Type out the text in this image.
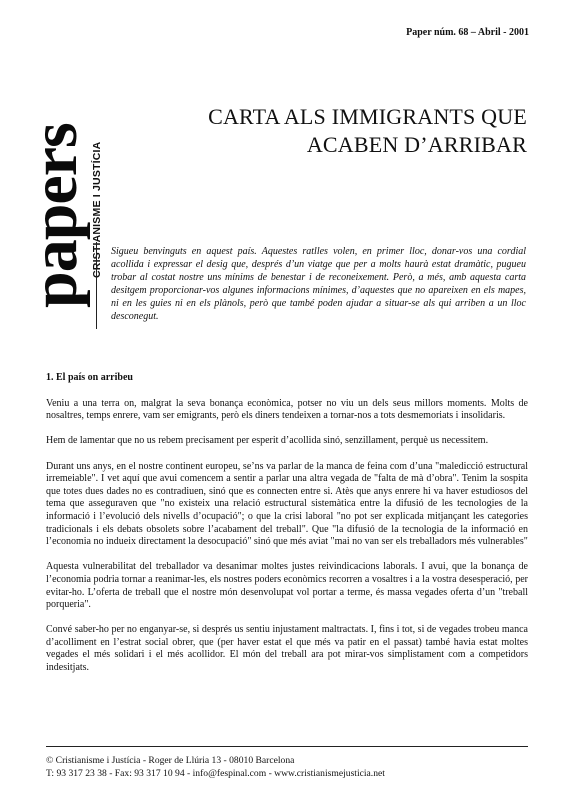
Paper núm. 68 – Abril - 2001
papers CRISTIANISME I JUSTÍCIA
CARTA ALS IMMIGRANTS QUE
ACABEN D’ARRIBAR

Sigueu benvinguts en aquest país. Aquestes ratlles volen, en primer lloc, donar-vos una cordial acollida i expressar el desig que, després d’un viatge que per a molts haurà estat dramàtic, pugueu trobar al costat nostre uns mínims de benestar i de reconeixement. Però, a més, amb aquesta carta desitgem proporcionar-vos algunes informacions mínimes, d’aquestes que no apareixen en els mapes, ni en les guies ni en els plànols, però que també poden ajudar a situar-se als qui arriben a un lloc desconegut.

1. El país on arribeu

Veniu a una terra on, malgrat la seva bonança econòmica, potser no viu un dels seus millors moments. Molts de nosaltres, temps enrere, vam ser emigrants, però els diners tendeixen a tornar-nos a tots desmemoriats i insolidaris.

Hem de lamentar que no us rebem precisament per esperit d’acollida sinó, senzillament, perquè us necessitem.

Durant uns anys, en el nostre continent europeu, se’ns va parlar de la manca de feina com d’una "maledicció estructural irremeiable". I vet aquí que avui comencem a sentir a parlar una altra vegada de "falta de mà d’obra". Tenim la sospita que totes dues dades no es contradiuen, sinó que es connecten entre si. Atès que anys enrere hi va haver estudiosos del tema que asseguraven que "no existeix una relació estructural sistemàtica entre la difusió de les tecnologies de la informació i l’evolució dels nivells d’ocupació"; o que la crisi laboral "no pot ser explicada mitjançant les categories tradicionals i els debats obsolets sobre l’acabament del treball". Que "la difusió de la tecnologia de la informació en l’economia no indueix directament la desocupació" sinó que més aviat "mai no van ser els treballadors més vulnerables"

Aquesta vulnerabilitat del treballador va desanimar moltes justes reivindicacions laborals. I avui, que la bonança de l’economia podria tornar a reanimar-les, els nostres poders econòmics recorren a vosaltres i a la vostra desesperació, per evitar-ho. L’oferta de treball que el nostre món desenvolupat vol portar a terme, és massa vegades oferta d’un "treball porqueria".

Convé saber-ho per no enganyar-se, si després us sentiu injustament maltractats. I, fins i tot, si de vegades trobeu manca d’acolliment en l’estrat social obrer, que (per haver estat el que més va patir en el passat) també havia estat moltes vegades el més solidari i el més acollidor. El món del treball ara pot mirar-vos simplistament com a competidors indesitjats.

© Cristianisme i Justícia - Roger de Llúria 13 - 08010 Barcelona
T: 93 317 23 38 - Fax: 93 317 10 94 - info@fespinal.com - www.cristianismejusticia.net
